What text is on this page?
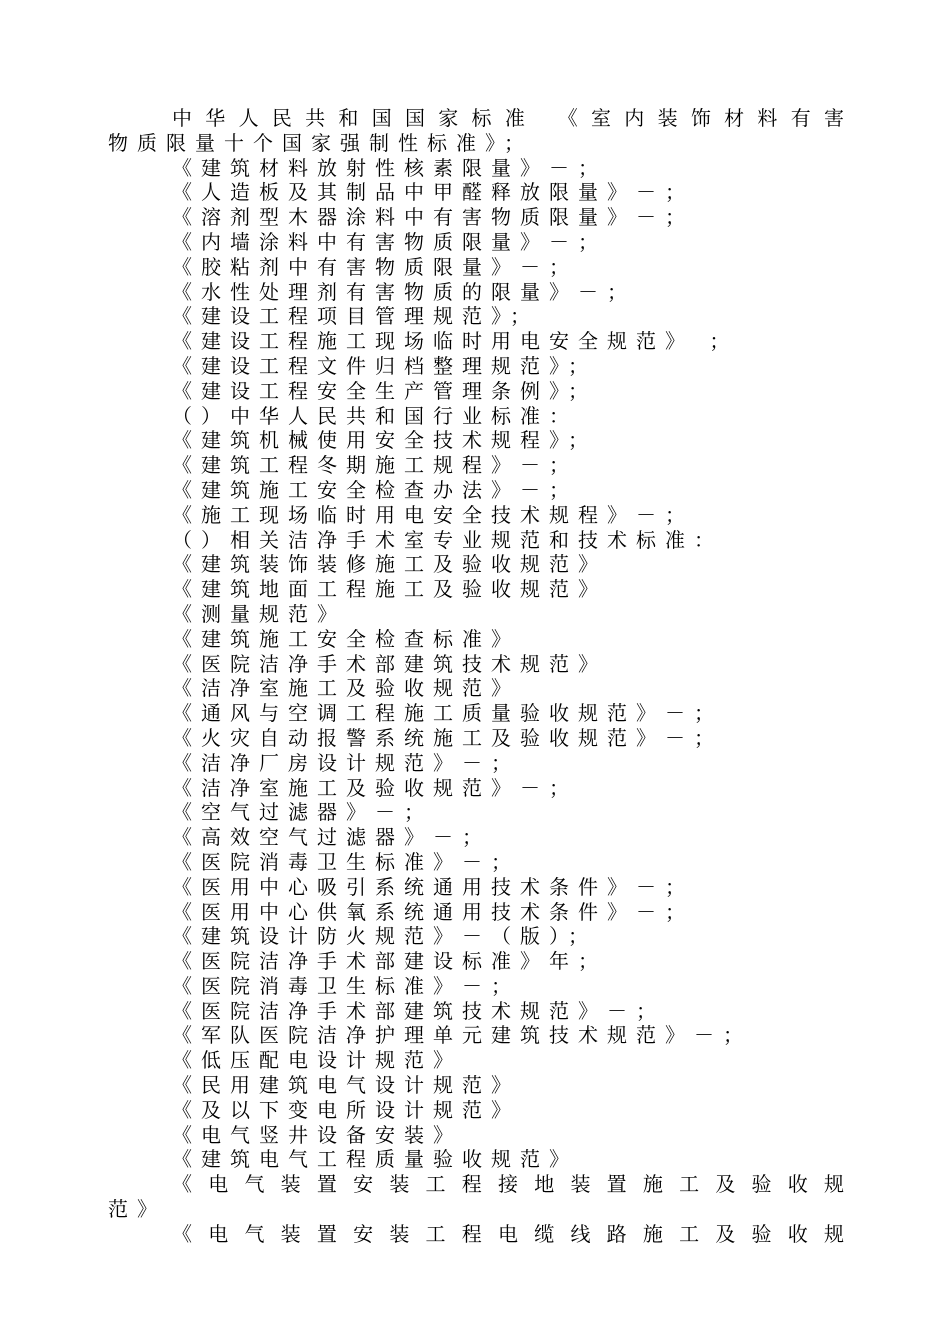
中华人民共和国国家标准 《室内装饰材料有害

物质限量十个国家强制性标准》；

《建筑材料放射性核素限量》－；

《人造板及其制品中甲醛释放限量》－；

《溶剂型木器涂料中有害物质限量》－；

《内墙涂料中有害物质限量》－；

《胶粘剂中有害物质限量》－；

《水性处理剂有害物质的限量》－；

《建设工程项目管理规范》；

《建设工程施工现场临时用电安全规范》 ；

《建设工程文件归档整理规范》；

《建设工程安全生产管理条例》；

（）中华人民共和国行业标准：

《建筑机械使用安全技术规程》；

《建筑工程冬期施工规程》－；

《建筑施工安全检查办法》－；

《施工现场临时用电安全技术规程》－；

（）相关洁净手术室专业规范和技术标准：

《建筑装饰装修施工及验收规范》

《建筑地面工程施工及验收规范》

《测量规范》

《建筑施工安全检查标准》

《医院洁净手术部建筑技术规范》

《洁净室施工及验收规范》

《通风与空调工程施工质量验收规范》－；

《火灾自动报警系统施工及验收规范》－；

《洁净厂房设计规范》－；

《洁净室施工及验收规范》－；

《空气过滤器》－；

《高效空气过滤器》－；

《医院消毒卫生标准》－；

《医用中心吸引系统通用技术条件》－；

《医用中心供氧系统通用技术条件》－；

《建筑设计防火规范》－（版）；

《医院洁净手术部建设标准》年；

《医院消毒卫生标准》－；

《医院洁净手术部建筑技术规范》－；

《军队医院洁净护理单元建筑技术规范》－；

《低压配电设计规范》

《民用建筑电气设计规范》

《及以下变电所设计规范》

《电气竖井设备安装》

《建筑电气工程质量验收规范》

《电气装置安装工程接地装置施工及验收规

范》

《电气装置安装工程电缆线路施工及验收规
